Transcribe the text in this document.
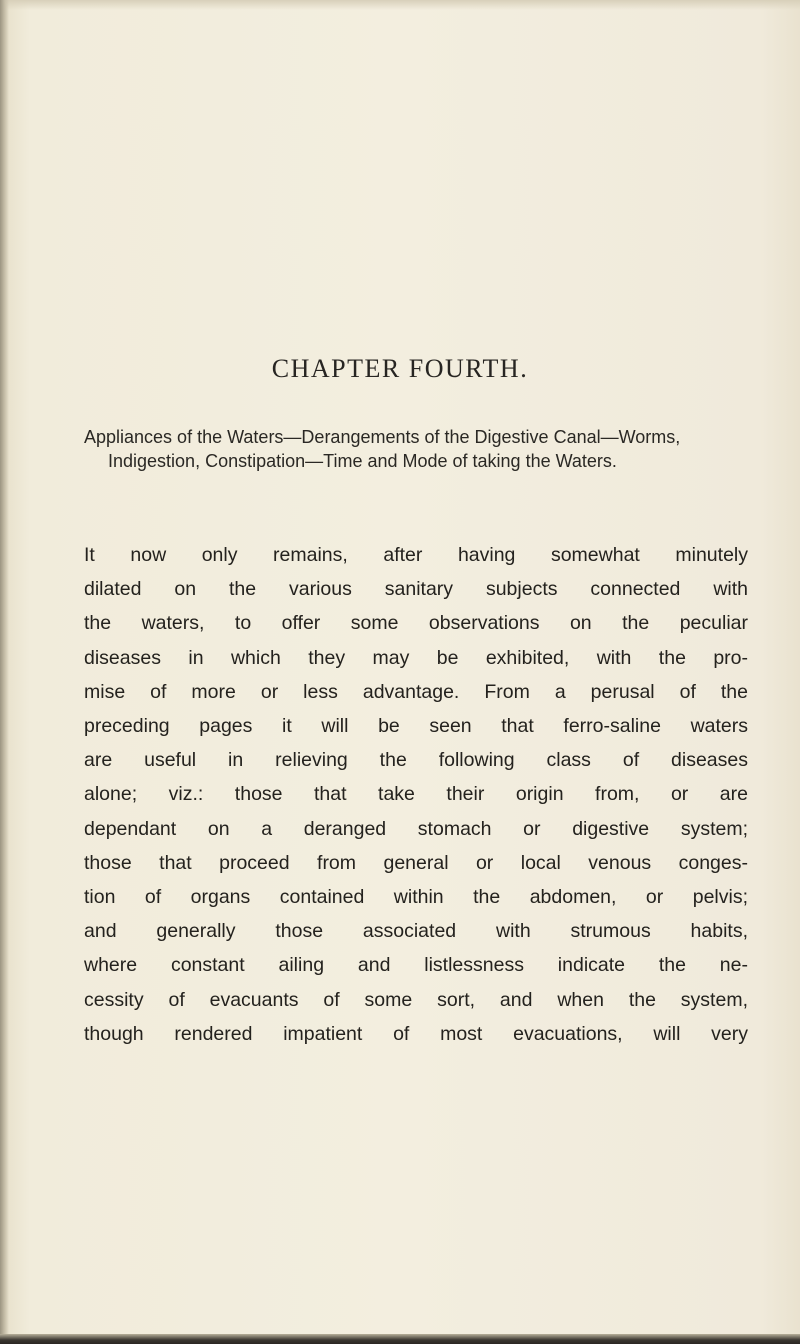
CHAPTER FOURTH.
Appliances of the Waters—Derangements of the Digestive Canal—Worms, Indigestion, Constipation—Time and Mode of taking the Waters.
It now only remains, after having somewhat minutely
dilated on the various sanitary subjects connected with
the waters, to offer some observations on the peculiar
diseases in which they may be exhibited, with the pro-
mise of more or less advantage. From a perusal of the
preceding pages it will be seen that ferro-saline waters
are useful in relieving the following class of diseases
alone; viz.: those that take their origin from, or are
dependant on a deranged stomach or digestive system;
those that proceed from general or local venous conges-
tion of organs contained within the abdomen, or pelvis;
and generally those associated with strumous habits,
where constant ailing and listlessness indicate the ne-
cessity of evacuants of some sort, and when the system,
though rendered impatient of most evacuations, will very
